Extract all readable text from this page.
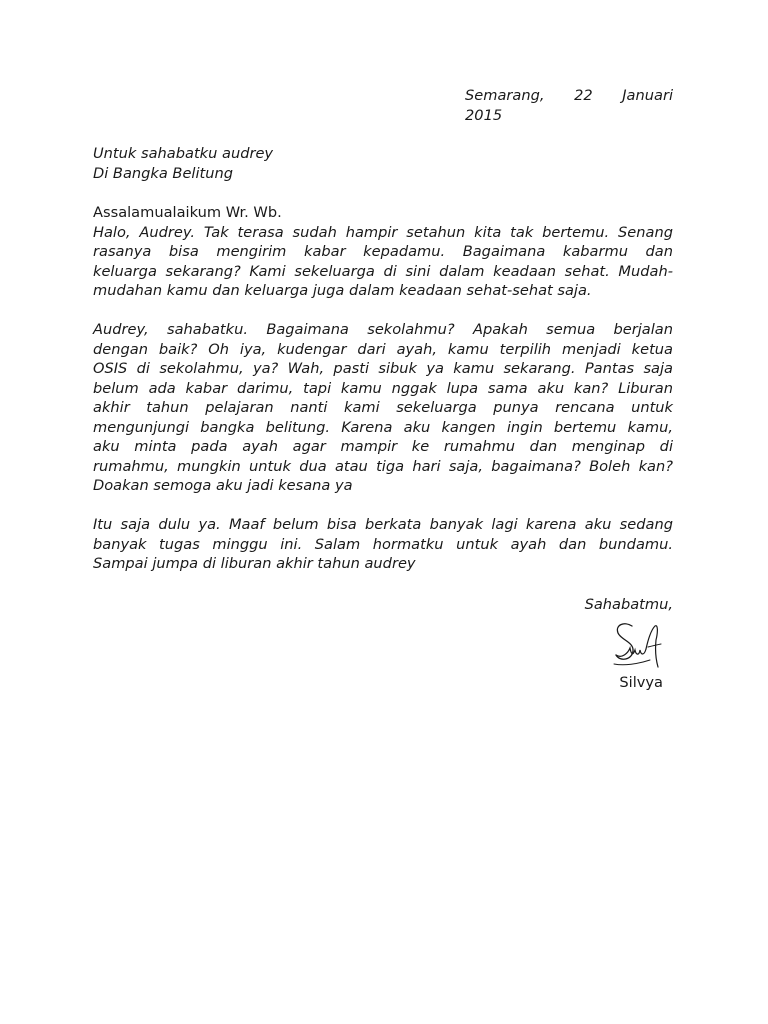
Semarang, 22 Januari
2015
Untuk sahabatku audrey
Di Bangka Belitung
Assalamualaikum Wr. Wb.
Halo, Audrey. Tak terasa sudah hampir setahun kita tak bertemu. Senang
rasanya bisa mengirim kabar kepadamu. Bagaimana kabarmu dan
keluarga sekarang? Kami sekeluarga di sini dalam keadaan sehat. Mudah-
mudahan kamu dan keluarga juga dalam keadaan sehat-sehat saja.
Audrey, sahabatku. Bagaimana sekolahmu? Apakah semua berjalan
dengan baik? Oh iya, kudengar dari ayah, kamu terpilih menjadi ketua
OSIS di sekolahmu, ya? Wah, pasti sibuk ya kamu sekarang. Pantas saja
belum ada kabar darimu, tapi kamu nggak lupa sama aku kan? Liburan
akhir tahun pelajaran nanti kami sekeluarga punya rencana untuk
mengunjungi bangka belitung. Karena aku kangen ingin bertemu kamu,
aku minta pada ayah agar mampir ke rumahmu dan menginap di
rumahmu, mungkin untuk dua atau tiga hari saja, bagaimana? Boleh kan?
Doakan semoga aku jadi kesana ya
Itu saja dulu ya. Maaf belum bisa berkata banyak lagi karena aku sedang
banyak tugas minggu ini. Salam hormatku untuk ayah dan bundamu.
Sampai jumpa di liburan akhir tahun audrey
Sahabatmu,
Silvya
